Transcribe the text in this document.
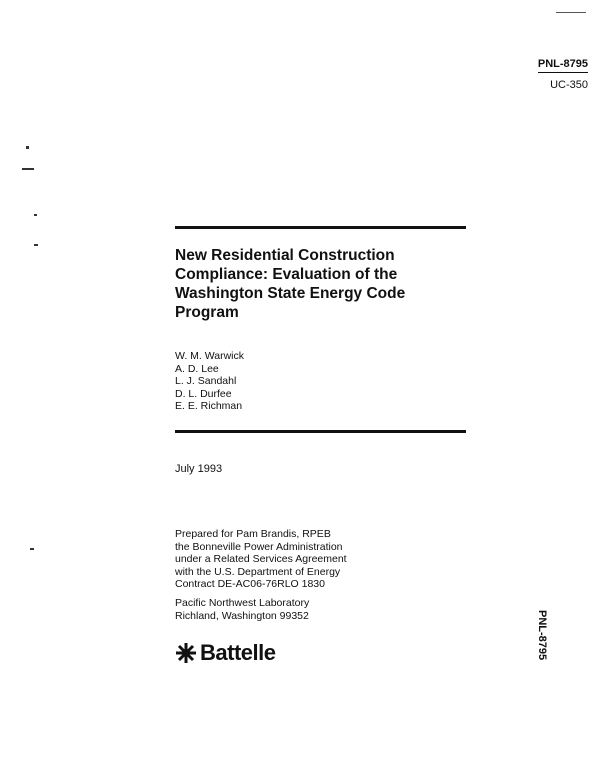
PNL-8795
UC-350
New Residential Construction
Compliance: Evaluation of the
Washington State Energy Code
Program
W. M. Warwick
A. D. Lee
L. J. Sandahl
D. L. Durfee
E. E. Richman
July 1993
Prepared for Pam Brandis, RPEB
the Bonneville Power Administration
under a Related Services Agreement
with the U.S. Department of Energy
Contract DE-AC06-76RLO 1830
Pacific Northwest Laboratory
Richland, Washington 99352	PNL-8795
Battelle
